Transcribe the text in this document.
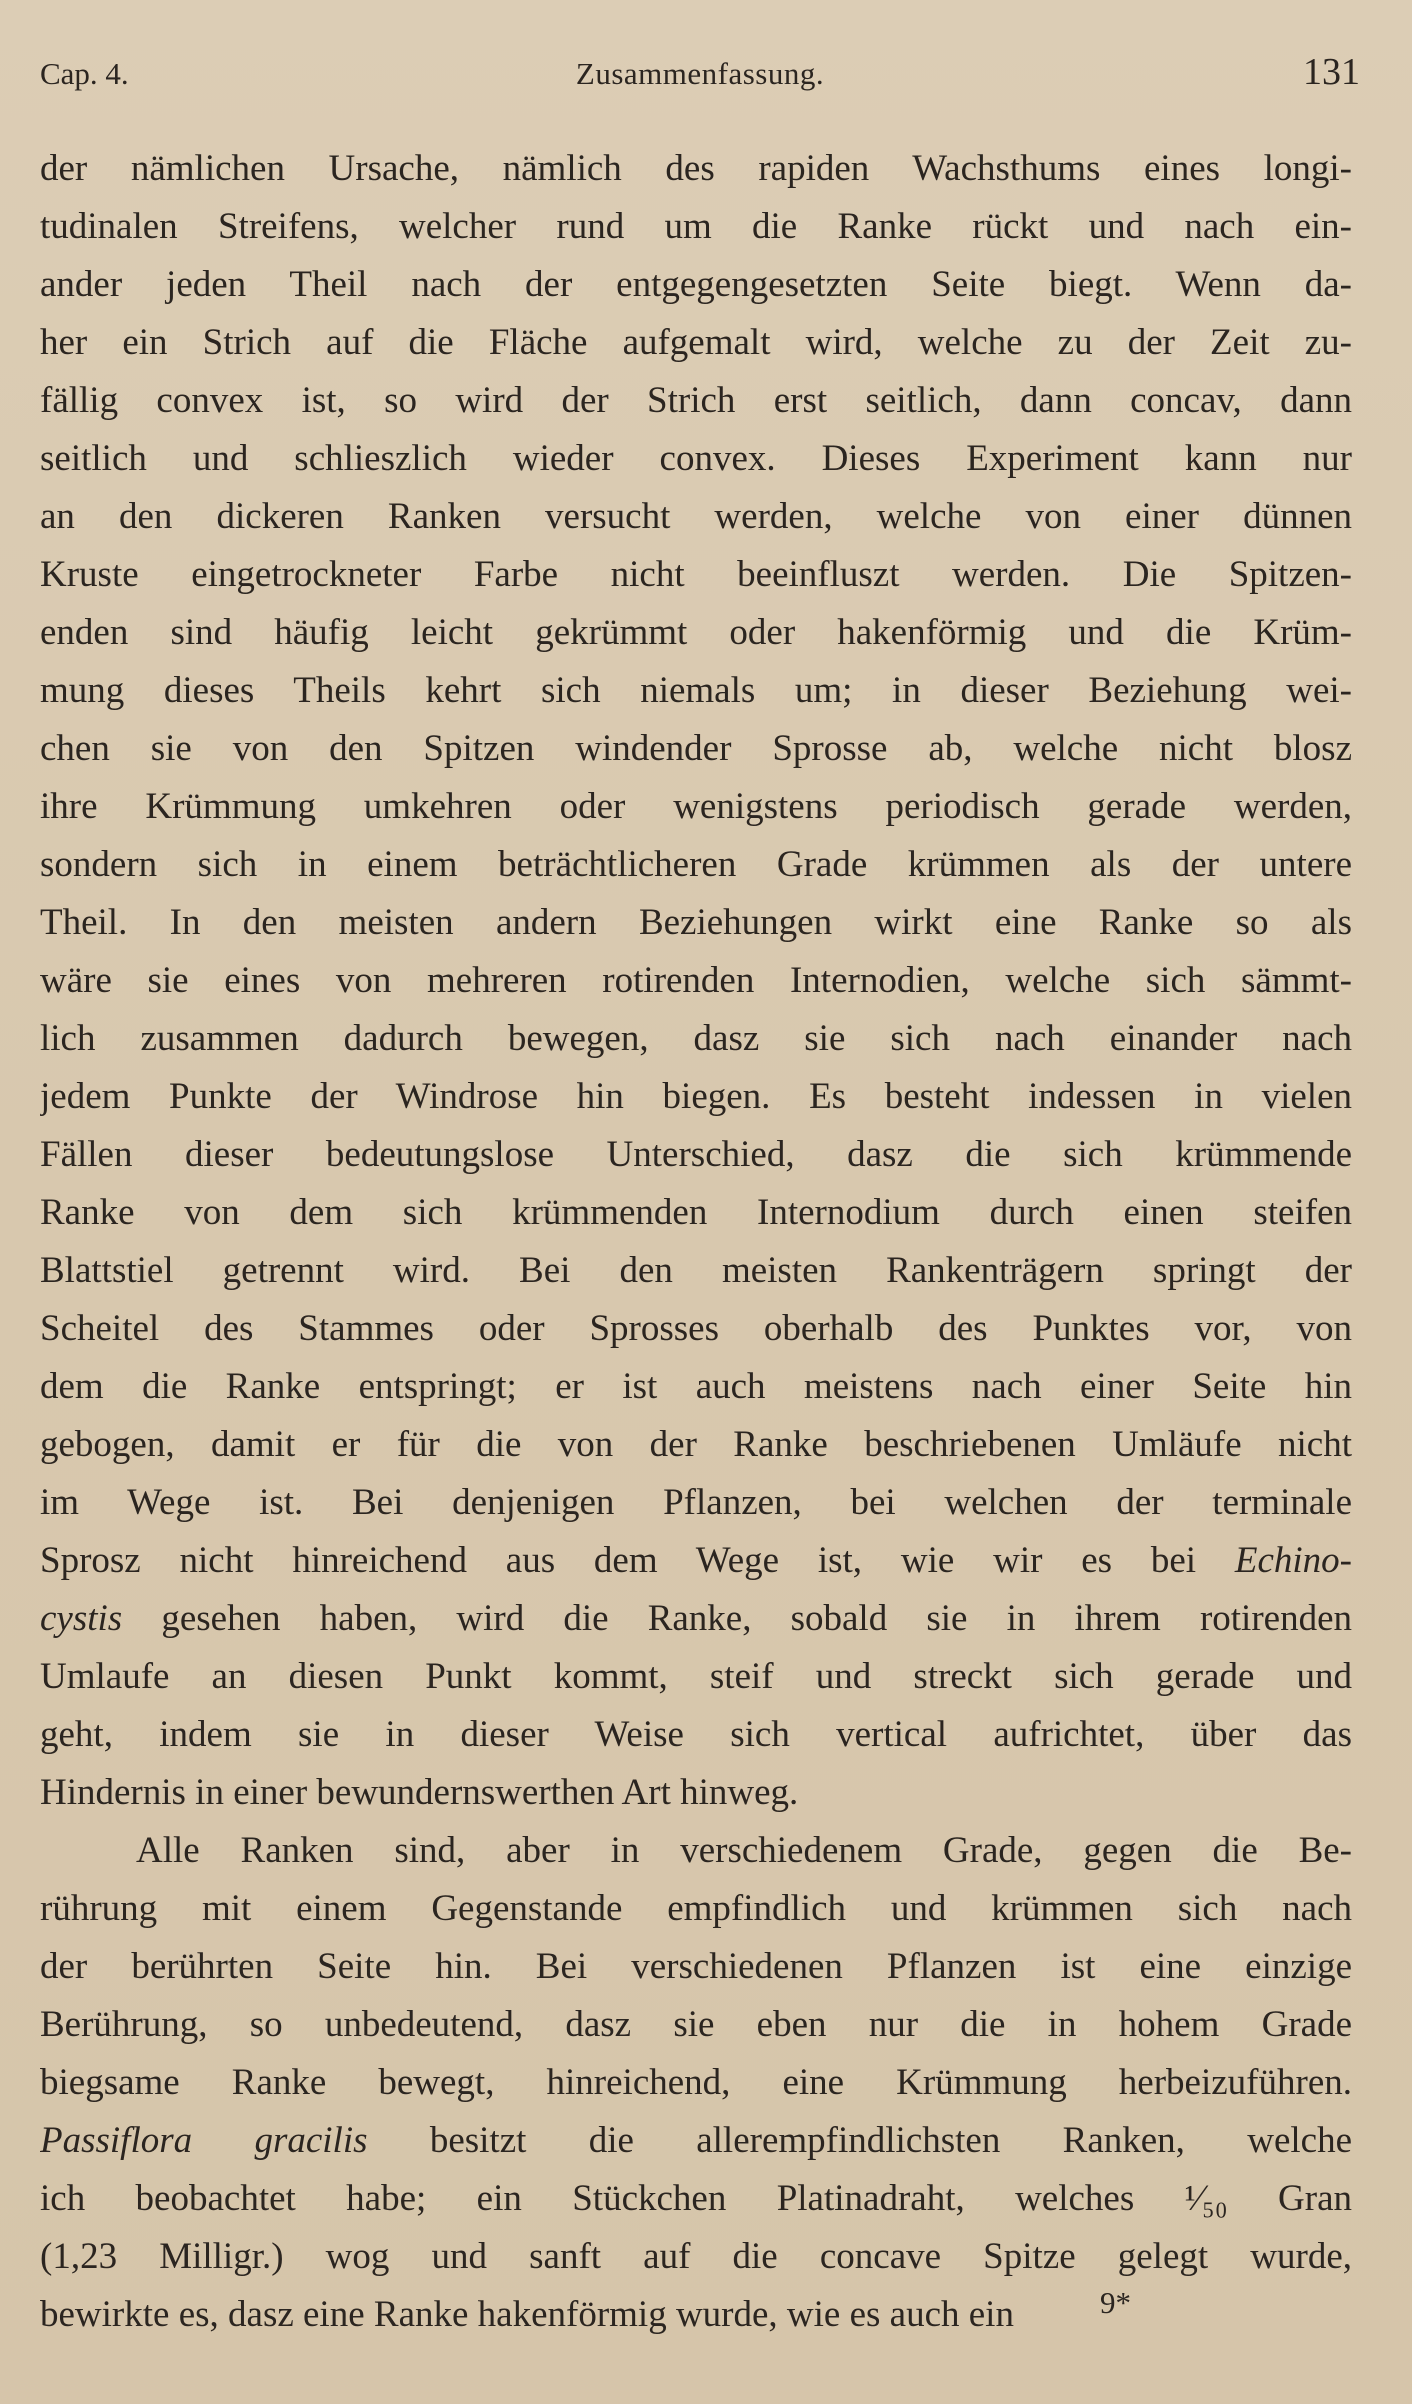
Cap. 4.	Zusammenfassung.	131
der nämlichen Ursache, nämlich des rapiden Wachsthums eines longi-
tudinalen Streifens, welcher rund um die Ranke rückt und nach ein-
ander jeden Theil nach der entgegengesetzten Seite biegt. Wenn da-
her ein Strich auf die Fläche aufgemalt wird, welche zu der Zeit zu-
fällig convex ist, so wird der Strich erst seitlich, dann concav, dann
seitlich und schlieszlich wieder convex. Dieses Experiment kann nur
an den dickeren Ranken versucht werden, welche von einer dünnen
Kruste eingetrockneter Farbe nicht beeinfluszt werden. Die Spitzen-
enden sind häufig leicht gekrümmt oder hakenförmig und die Krüm-
mung dieses Theils kehrt sich niemals um; in dieser Beziehung wei-
chen sie von den Spitzen windender Sprosse ab, welche nicht blosz
ihre Krümmung umkehren oder wenigstens periodisch gerade werden,
sondern sich in einem beträchtlicheren Grade krümmen als der untere
Theil. In den meisten andern Beziehungen wirkt eine Ranke so als
wäre sie eines von mehreren rotirenden Internodien, welche sich sämmt-
lich zusammen dadurch bewegen, dasz sie sich nach einander nach
jedem Punkte der Windrose hin biegen. Es besteht indessen in vielen
Fällen dieser bedeutungslose Unterschied, dasz die sich krümmende
Ranke von dem sich krümmenden Internodium durch einen steifen
Blattstiel getrennt wird. Bei den meisten Rankenträgern springt der
Scheitel des Stammes oder Sprosses oberhalb des Punktes vor, von
dem die Ranke entspringt; er ist auch meistens nach einer Seite hin
gebogen, damit er für die von der Ranke beschriebenen Umläufe nicht
im Wege ist. Bei denjenigen Pflanzen, bei welchen der terminale
Sprosz nicht hinreichend aus dem Wege ist, wie wir es bei Echino-
cystis gesehen haben, wird die Ranke, sobald sie in ihrem rotirenden
Umlaufe an diesen Punkt kommt, steif und streckt sich gerade und
geht, indem sie in dieser Weise sich vertical aufrichtet, über das
Hindernis in einer bewundernswerthen Art hinweg.
Alle Ranken sind, aber in verschiedenem Grade, gegen die Be-
rührung mit einem Gegenstande empfindlich und krümmen sich nach
der berührten Seite hin. Bei verschiedenen Pflanzen ist eine einzige
Berührung, so unbedeutend, dasz sie eben nur die in hohem Grade
biegsame Ranke bewegt, hinreichend, eine Krümmung herbeizuführen.
Passiflora gracilis besitzt die allerempfindlichsten Ranken, welche
ich beobachtet habe; ein Stückchen Platinadraht, welches ¹⁄₅₀ Gran
(1,23 Milligr.) wog und sanft auf die concave Spitze gelegt wurde,
bewirkte es, dasz eine Ranke hakenförmig wurde, wie es auch ein	9*
